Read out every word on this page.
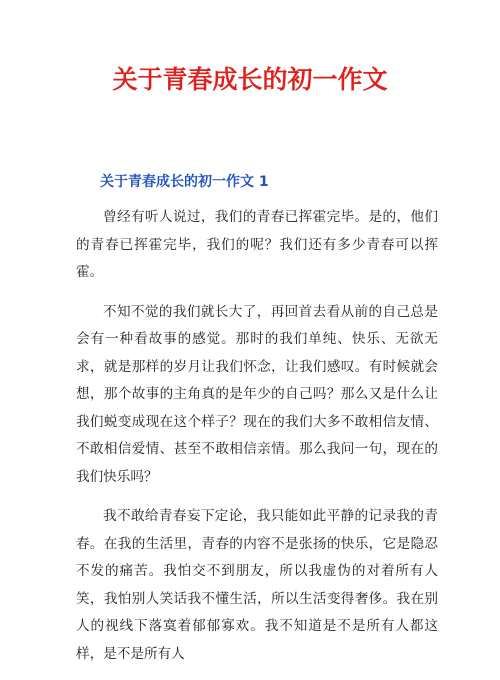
关于青春成长的初一作文
关于青春成长的初一作文 1

曾经有听人说过，我们的青春已挥霍完毕。是的，他们的青春已挥霍完毕，我们的呢？我们还有多少青春可以挥霍。

不知不觉的我们就长大了，再回首去看从前的自己总是会有一种看故事的感觉。那时的我们单纯、快乐、无欲无求，就是那样的岁月让我们怀念，让我们感叹。有时候就会想，那个故事的主角真的是年少的自己吗？那么又是什么让我们蜕变成现在这个样子？现在的我们大多不敢相信友情、不敢相信爱情、甚至不敢相信亲情。那么我问一句，现在的我们快乐吗？

我不敢给青春妄下定论，我只能如此平静的记录我的青春。在我的生活里，青春的内容不是张扬的快乐，它是隐忍不发的痛苦。我怕交不到朋友，所以我虚伪的对着所有人笑，我怕别人笑话我不懂生活，所以生活变得奢侈。我在别人的视线下落寞着郁郁寡欢。我不知道是不是所有人都这样，是不是所有人
